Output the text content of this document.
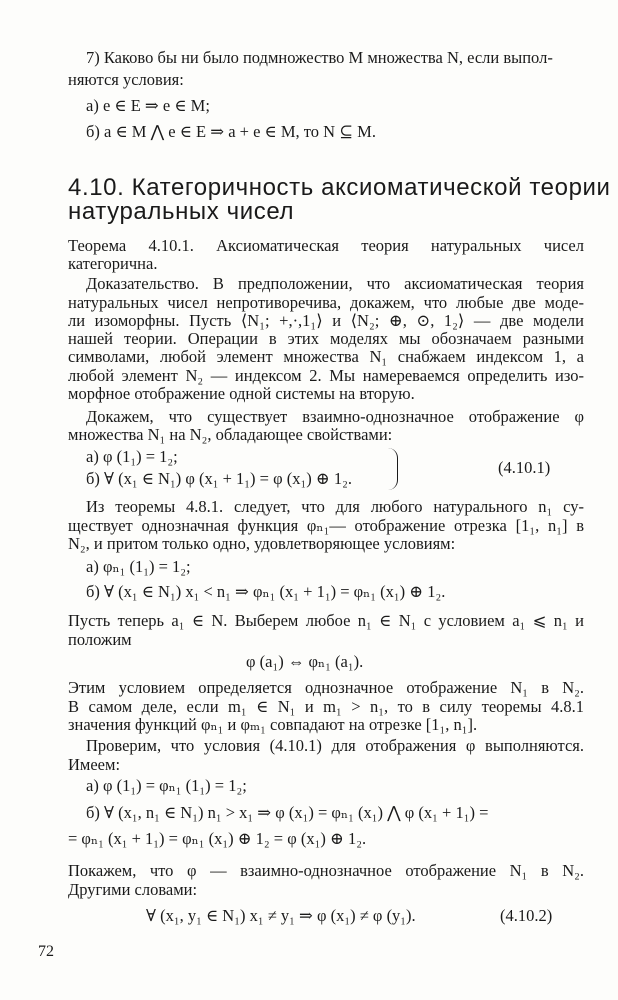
7) Каково бы ни было подмножество M множества N, если выпол-
няются условия:
а) e ∈ E ⇒ e ∈ M;
б) a ∈ M ⋀ e ∈ E ⇒ a + e ∈ M, то N ⊆ M.
4.10. Категоричность аксиоматической теории
натуральных чисел
Теорема 4.10.1. Аксиоматическая теория натуральных чисел
категорична.
Доказательство. В предположении, что аксиоматическая теория
натуральных чисел непротиворечива, докажем, что любые две моде-
ли изоморфны. Пусть ⟨N₁; +,·,1₁⟩ и ⟨N₂; ⊕, ⊙, 1₂⟩ — две модели
нашей теории. Операции в этих моделях мы обозначаем разными
символами, любой элемент множества N₁ снабжаем индексом 1, а
любой элемент N₂ — индексом 2. Мы намереваемся определить изо-
морфное отображение одной системы на вторую.
Докажем, что существует взаимно-однозначное отображение φ
множества N₁ на N₂, обладающее свойствами:
а) φ (1₁) = 1₂;
б) ∀ (x₁ ∈ N₁) φ (x₁ + 1₁) = φ (x₁) ⊕ 1₂.
(4.10.1)
Из теоремы 4.8.1. следует, что для любого натурального n₁ су-
ществует однозначная функция φₙ₁— отображение отрезка [1₁, n₁] в
N₂, и притом только одно, удовлетворяющее условиям:
а) φₙ₁ (1₁) = 1₂;
б) ∀ (x₁ ∈ N₁) x₁ < n₁ ⇒ φₙ₁ (x₁ + 1₁) = φₙ₁ (x₁) ⊕ 1₂.
Пусть теперь a₁ ∈ N. Выберем любое n₁ ∈ N₁ с условием a₁ ⩽ n₁ и
положим
φ (a₁) ⇔ φₙ₁ (a₁).
Этим условием определяется однозначное отображение N₁ в N₂.
В самом деле, если m₁ ∈ N₁ и m₁ > n₁, то в силу теоремы 4.8.1
значения функций φₙ₁ и φₘ₁ совпадают на отрезке [1₁, n₁].
Проверим, что условия (4.10.1) для отображения φ выполняются.
Имеем:
а) φ (1₁) = φₙ₁ (1₁) = 1₂;
б) ∀ (x₁, n₁ ∈ N₁) n₁ > x₁ ⇒ φ (x₁) = φₙ₁ (x₁) ⋀ φ (x₁ + 1₁) =
= φₙ₁ (x₁ + 1₁) = φₙ₁ (x₁) ⊕ 1₂ = φ (x₁) ⊕ 1₂.
Покажем, что φ — взаимно-однозначное отображение N₁ в N₂.
Другими словами:
∀ (x₁, y₁ ∈ N₁) x₁ ≠ y₁ ⇒ φ (x₁) ≠ φ (y₁).	(4.10.2)
72
